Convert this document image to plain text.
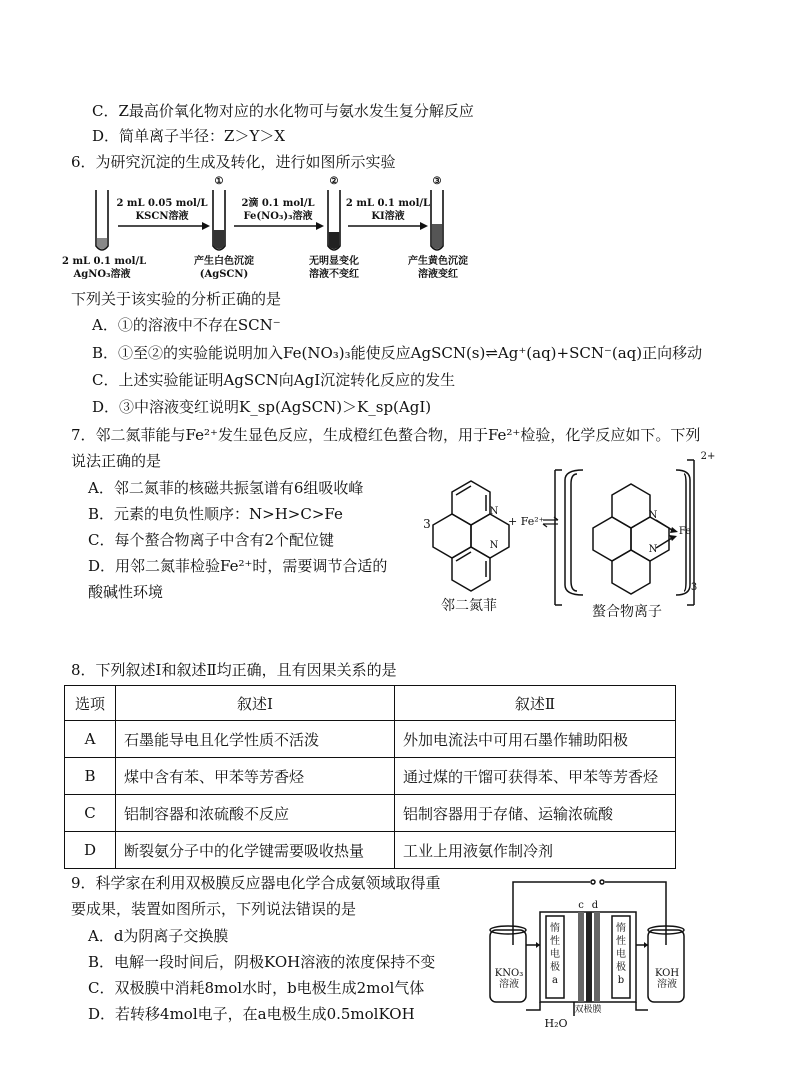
C．Z最高价氧化物对应的水化物可与氨水发生复分解反应
D．简单离子半径：Z＞Y＞X
6．为研究沉淀的生成及转化，进行如图所示实验
①	②	③
2 mL 0.05 mol/L
KSCN溶液
2滴 0.1 mol/L
Fe(NO₃)₃溶液
2 mL 0.1 mol/L
KI溶液
2 mL 0.1 mol/L
AgNO₃溶液
产生白色沉淀
(AgSCN)
无明显变化
溶液不变红
产生黄色沉淀
溶液变红
下列关于该实验的分析正确的是
A．①的溶液中不存在SCN⁻
B．①至②的实验能说明加入Fe(NO₃)₃能使反应AgSCN(s)⇌Ag⁺(aq)+SCN⁻(aq)正向移动
C．上述实验能证明AgSCN向AgI沉淀转化反应的发生
D．③中溶液变红说明K_sp(AgSCN)＞K_sp(AgI)
7．邻二氮菲能与Fe²⁺发生显色反应，生成橙红色螯合物，用于Fe²⁺检验，化学反应如下。下列
说法正确的是
A．邻二氮菲的核磁共振氢谱有6组吸收峰
B．元素的电负性顺序：N>H>C>Fe
C．每个螯合物离子中含有2个配位键
D．用邻二氮菲检验Fe²⁺时，需要调节合适的
酸碱性环境
3
N
N
+ Fe²⁺	N
N
Fe
3
2+
邻二氮菲	螯合物离子
8．下列叙述Ⅰ和叙述Ⅱ均正确，且有因果关系的是
选项	叙述Ⅰ	叙述Ⅱ
A	石墨能导电且化学性质不活泼	外加电流法中可用石墨作辅助阳极
B	煤中含有苯、甲苯等芳香烃	通过煤的干馏可获得苯、甲苯等芳香烃
C	铝制容器和浓硫酸不反应	铝制容器用于存储、运输浓硫酸
D	断裂氨分子中的化学键需要吸收热量	工业上用液氨作制冷剂
9．科学家在利用双极膜反应器电化学合成氨领域取得重
要成果，装置如图所示，下列说法错误的是
A．d为阴离子交换膜
B．电解一段时间后，阴极KOH溶液的浓度保持不变
C．双极膜中消耗8mol水时，b电极生成2mol气体
D．若转移4mol电子，在a电极生成0.5molKOH
KNO₃溶液
KOH溶液
惰性电极a
惰性电极b
c d
双极膜
H₂O
